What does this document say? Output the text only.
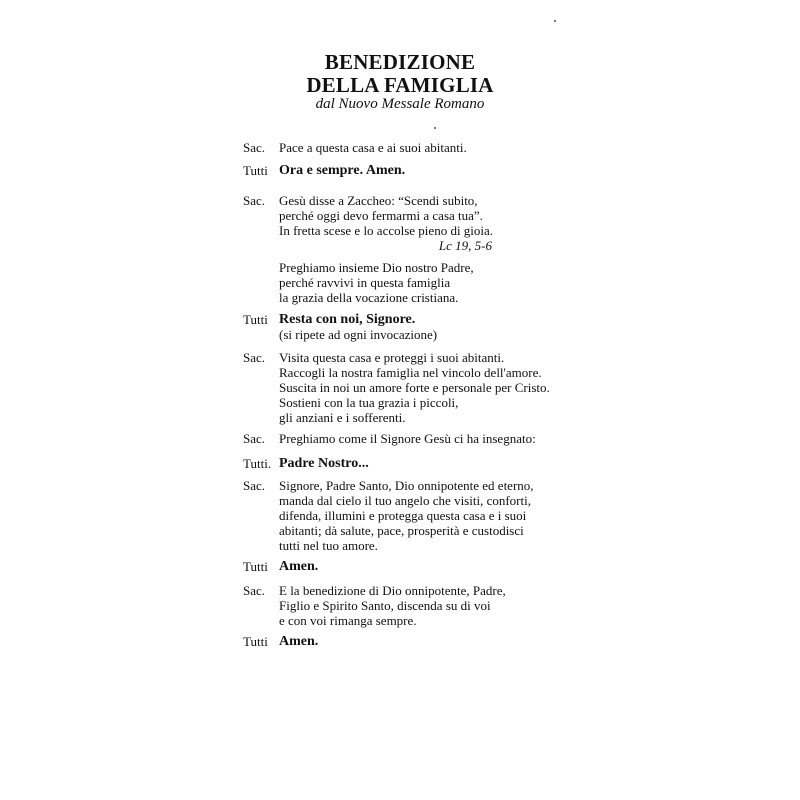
BENEDIZIONE
DELLA FAMIGLIA
dal Nuovo Messale Romano
Sac. Pace a questa casa e ai suoi abitanti.
Tutti Ora e sempre. Amen.
Sac. Gesù disse a Zaccheo: “Scendi subito,
perché oggi devo fermarmi a casa tua”.
In fretta scese e lo accolse pieno di gioia.
Lc 19, 5-6
Preghiamo insieme Dio nostro Padre,
perché ravvivi in questa famiglia
la grazia della vocazione cristiana.
Tutti Resta con noi, Signore.
(si ripete ad ogni invocazione)
Sac. Visita questa casa e proteggi i suoi abitanti.
Raccogli la nostra famiglia nel vincolo dell'amore.
Suscita in noi un amore forte e personale per Cristo.
Sostieni con la tua grazia i piccoli,
gli anziani e i sofferenti.
Sac. Preghiamo come il Signore Gesù ci ha insegnato:
Tutti. Padre Nostro...
Sac. Signore, Padre Santo, Dio onnipotente ed eterno,
manda dal cielo il tuo angelo che visiti, conforti,
difenda, illumini e protegga questa casa e i suoi
abitanti; dà salute, pace, prosperità e custodisci
tutti nel tuo amore.
Tutti Amen.
Sac. E la benedizione di Dio onnipotente, Padre,
Figlio e Spirito Santo, discenda su di voi
e con voi rimanga sempre.
Tutti Amen.
